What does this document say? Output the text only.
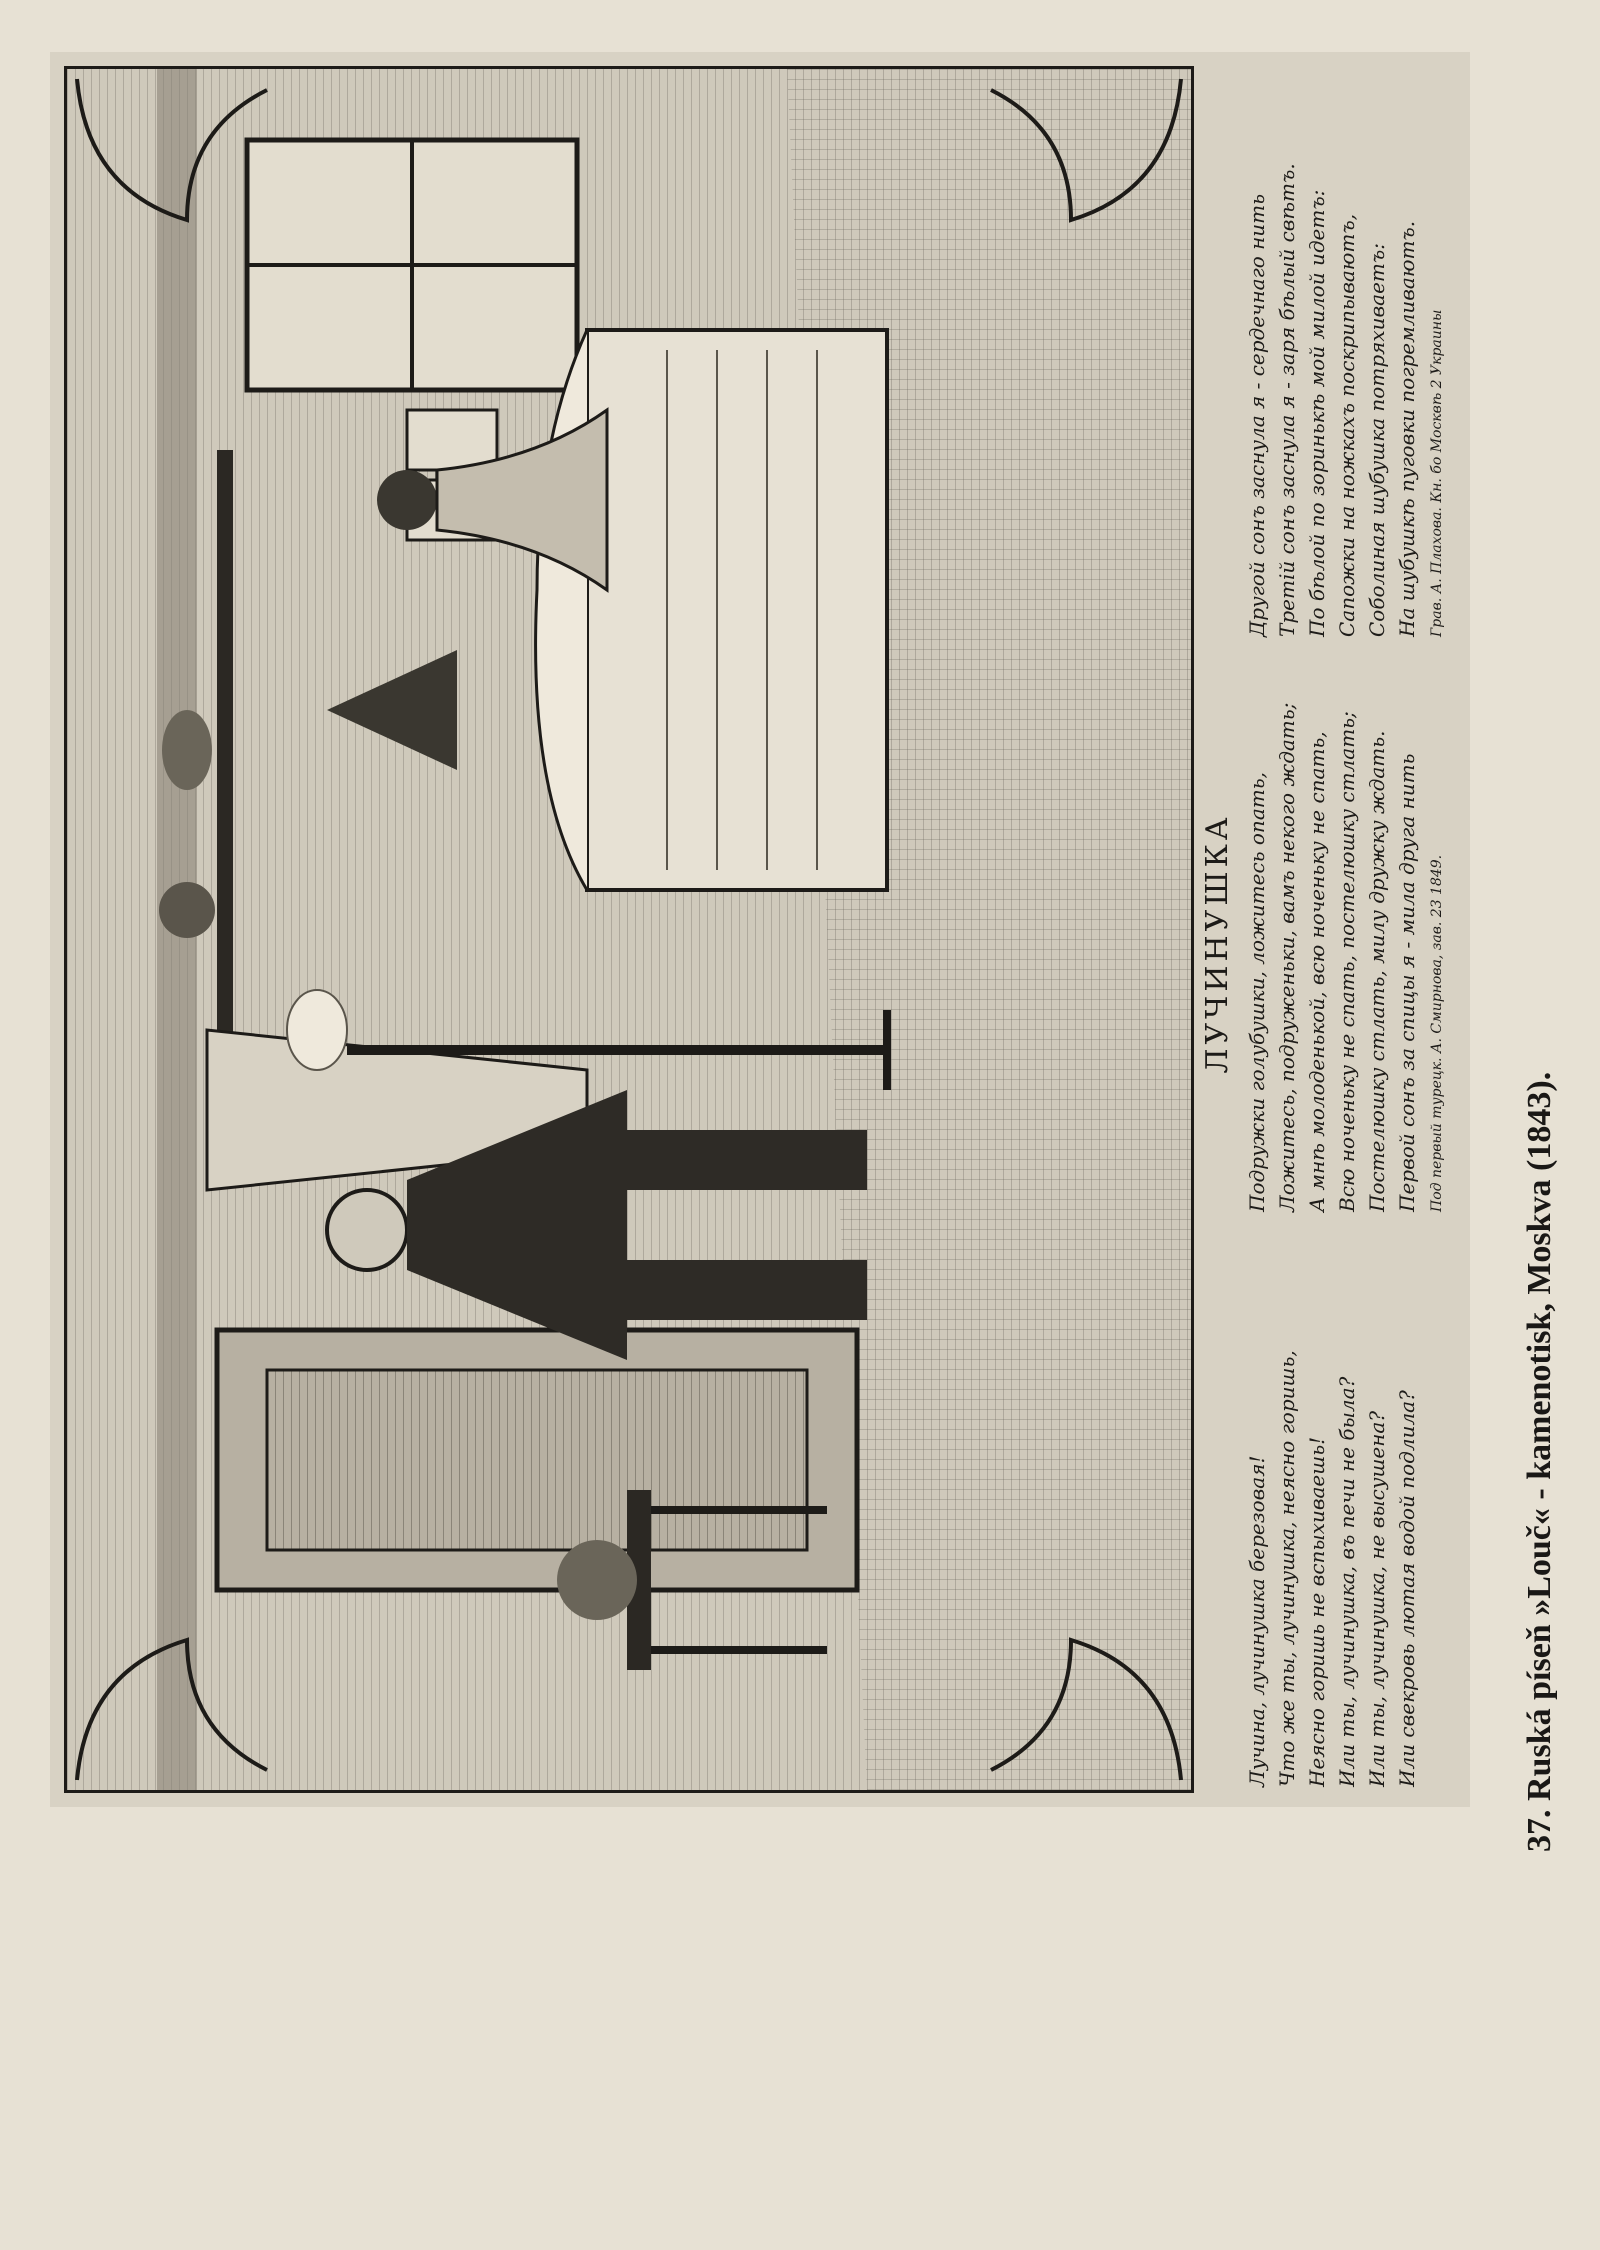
ЛУЧИНУШКА
Лучина, лучинушка березовая! Что же ты, лучинушка, неясно горишь, Неясно горишь не вспыхиваешь! Или ты, лучинушка, въ печи не была? Или ты, лучинушка, не высушена? Или свекровь лютая водой подлила?
Подружки голубушки, ложитесь опать, Ложитесь, подруженьки, вамъ некого ждать; А мнѣ молоденькой, всю ноченьку не спать, Всю ноченьку не спать, постелюшку стлать; Постелюшку стлать, милу дружку ждать. Первой сонъ за спицы я - мила друга нить Под первый турецк. А. Смирнова, зав. 23 1849.
Другой сонъ заснула я - сердечнаго нить Третій сонъ заснула я - заря бѣлый свѣтъ. По бѣлой по зоринькѣ мой милой идетъ: Сапожки на ножкахъ поскрипываютъ, Соболиная шубушка потряхиваетъ: На шубушкѣ пуговки погремливаютъ. Грав. А. Плахова. Кн. бо Москвѣ 2 Украины
37. Ruská píseň »Louč« - kamenotisk, Moskva (1843).
